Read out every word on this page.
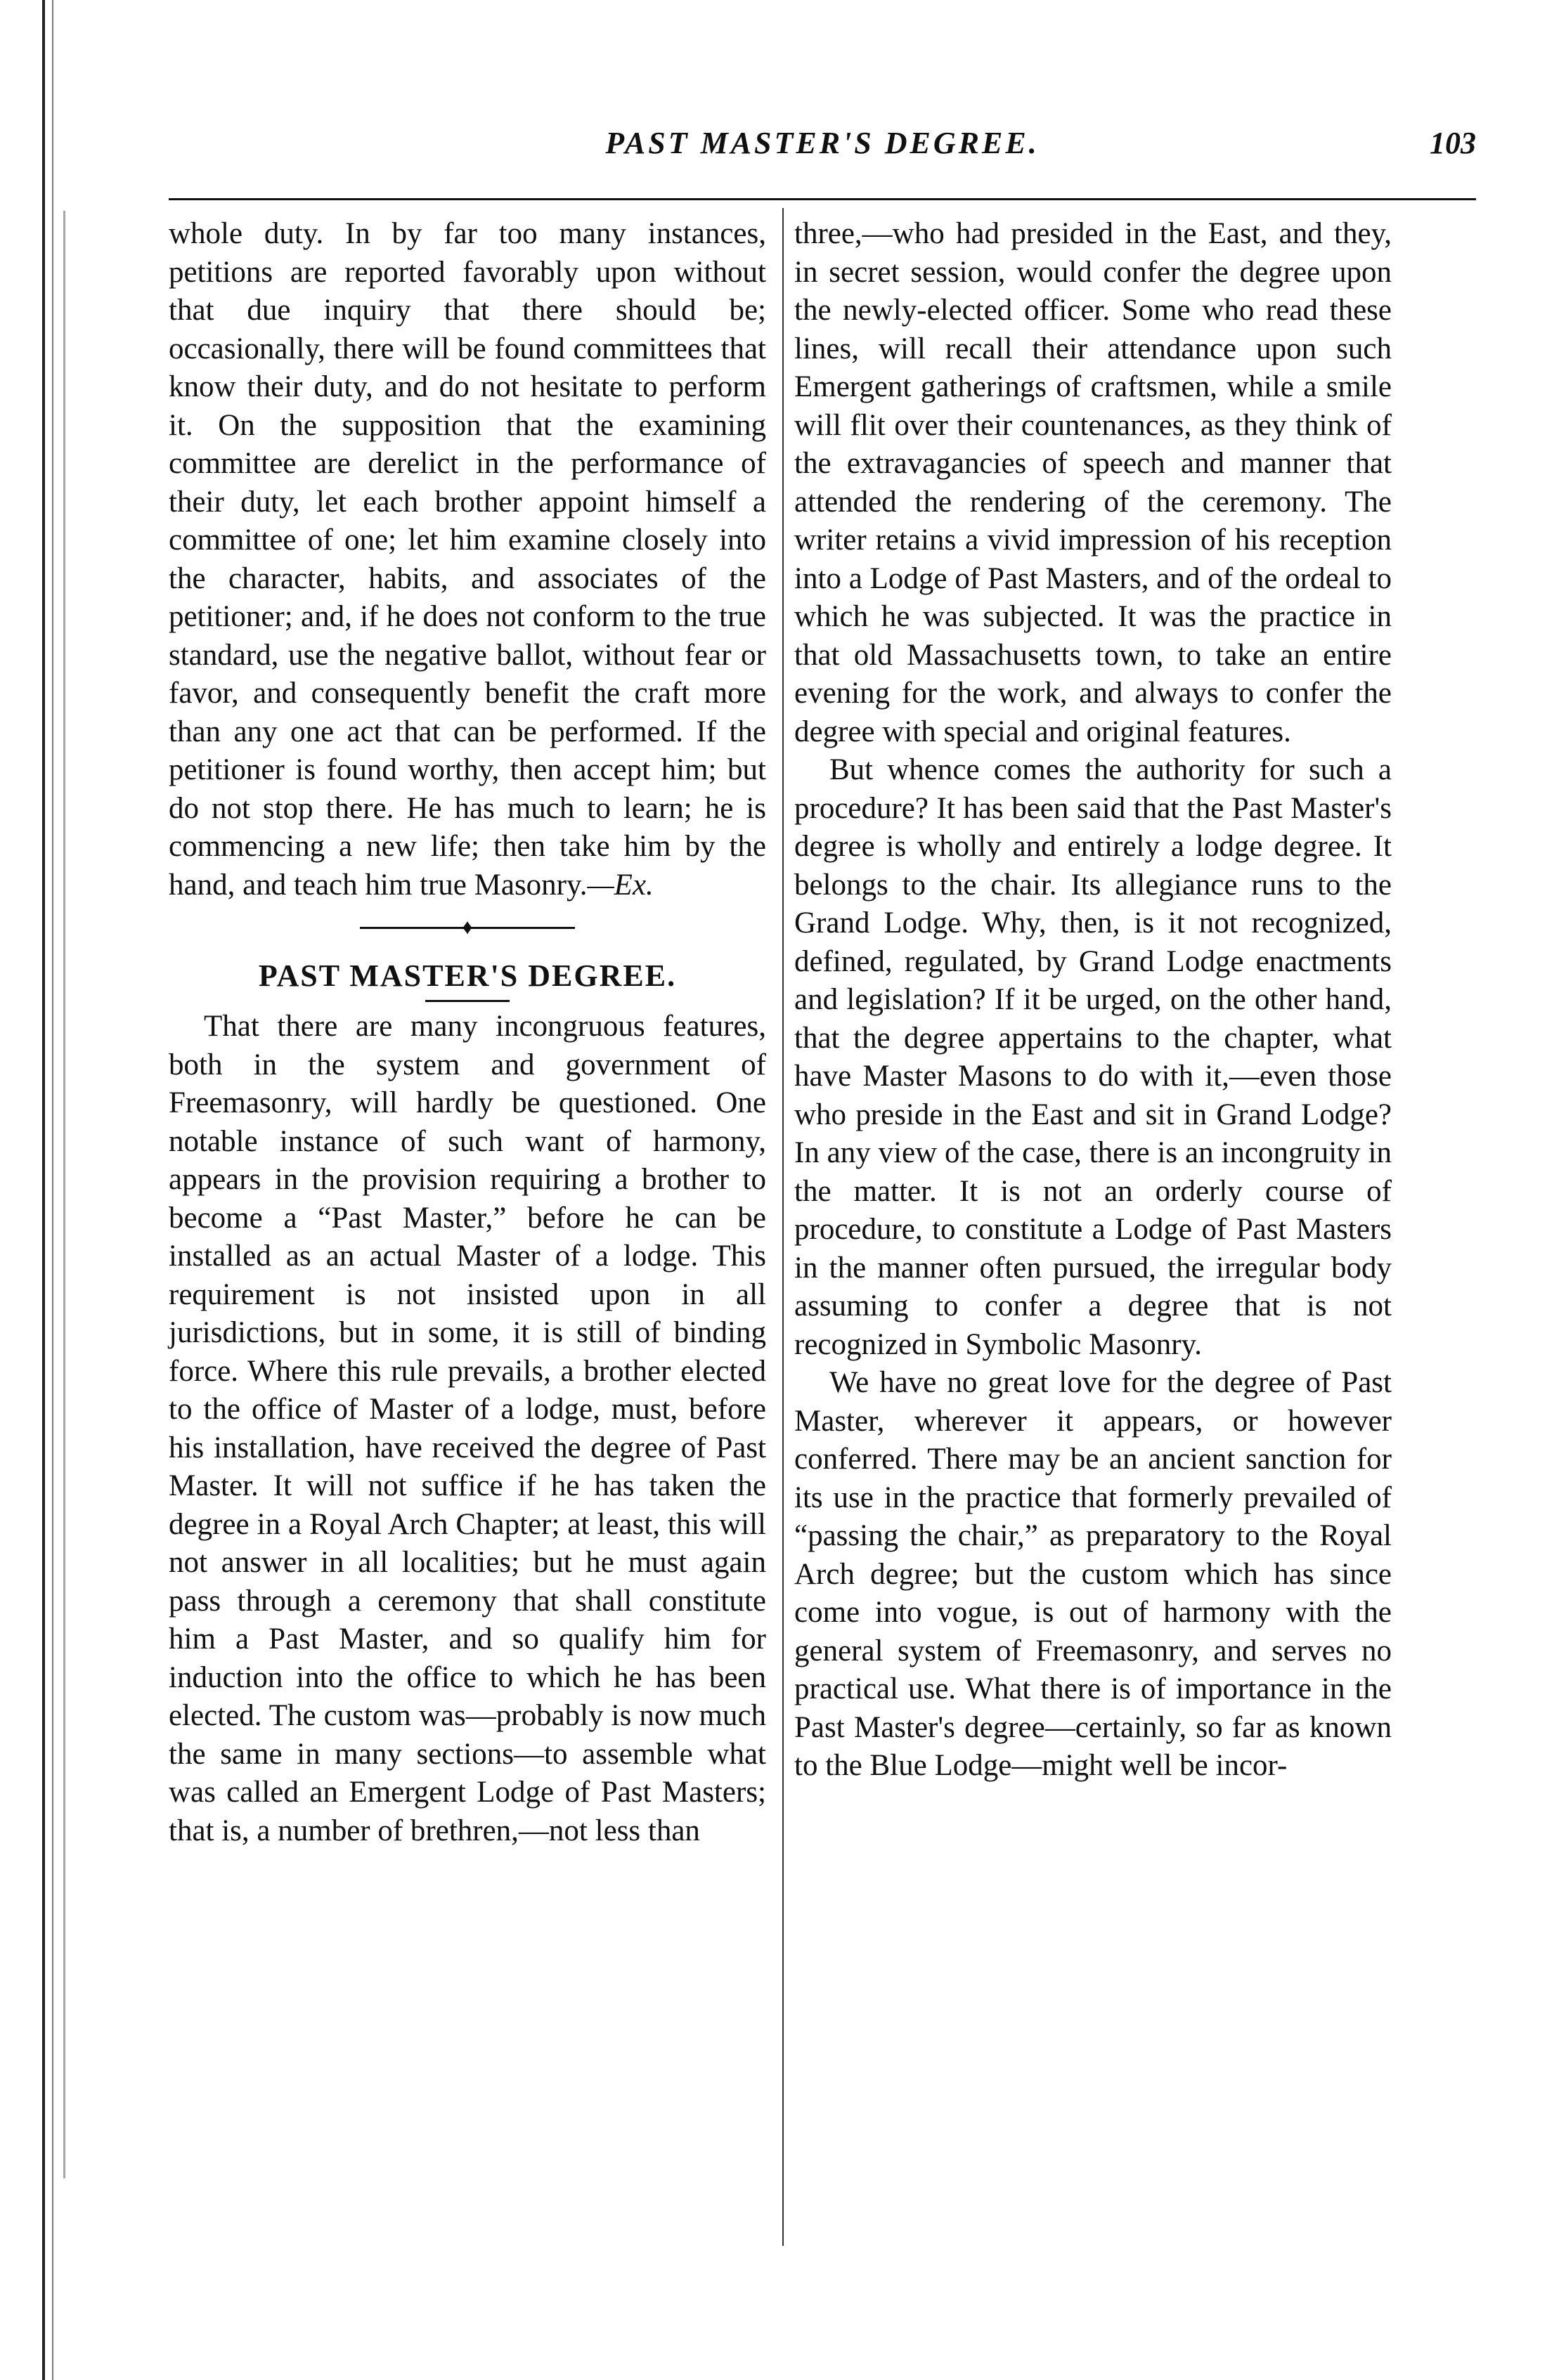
PAST MASTER'S DEGREE.	103

whole duty. In by far too many instances, petitions are reported favorably upon without that due inquiry that there should be; occasionally, there will be found committees that know their duty, and do not hesitate to perform it. On the supposition that the examining committee are derelict in the performance of their duty, let each brother appoint himself a committee of one; let him examine closely into the character, habits, and associates of the petitioner; and, if he does not conform to the true standard, use the negative ballot, without fear or favor, and consequently benefit the craft more than any one act that can be performed. If the petitioner is found worthy, then accept him; but do not stop there. He has much to learn; he is commencing a new life; then take him by the hand, and teach him true Masonry.—Ex.

♦

PAST MASTER'S DEGREE.

That there are many incongruous features, both in the system and government of Freemasonry, will hardly be questioned. One notable instance of such want of harmony, appears in the provision requiring a brother to become a “Past Master,” before he can be installed as an actual Master of a lodge. This requirement is not insisted upon in all jurisdictions, but in some, it is still of binding force. Where this rule prevails, a brother elected to the office of Master of a lodge, must, before his installation, have received the degree of Past Master. It will not suffice if he has taken the degree in a Royal Arch Chapter; at least, this will not answer in all localities; but he must again pass through a ceremony that shall constitute him a Past Master, and so qualify him for induction into the office to which he has been elected. The custom was—probably is now much the same in many sections—to assemble what was called an Emergent Lodge of Past Masters; that is, a number of brethren,—not less than

three,—who had presided in the East, and they, in secret session, would confer the degree upon the newly-elected officer. Some who read these lines, will recall their attendance upon such Emergent gatherings of craftsmen, while a smile will flit over their countenances, as they think of the extravagancies of speech and manner that attended the rendering of the ceremony. The writer retains a vivid impression of his reception into a Lodge of Past Masters, and of the ordeal to which he was subjected. It was the practice in that old Massachusetts town, to take an entire evening for the work, and always to confer the degree with special and original features.

But whence comes the authority for such a procedure? It has been said that the Past Master's degree is wholly and entirely a lodge degree. It belongs to the chair. Its allegiance runs to the Grand Lodge. Why, then, is it not recognized, defined, regulated, by Grand Lodge enactments and legislation? If it be urged, on the other hand, that the degree appertains to the chapter, what have Master Masons to do with it,—even those who preside in the East and sit in Grand Lodge? In any view of the case, there is an incongruity in the matter. It is not an orderly course of procedure, to constitute a Lodge of Past Masters in the manner often pursued, the irregular body assuming to confer a degree that is not recognized in Symbolic Masonry.

We have no great love for the degree of Past Master, wherever it appears, or however conferred. There may be an ancient sanction for its use in the practice that formerly prevailed of “passing the chair,” as preparatory to the Royal Arch degree; but the custom which has since come into vogue, is out of harmony with the general system of Freemasonry, and serves no practical use. What there is of importance in the Past Master's degree—certainly, so far as known to the Blue Lodge—might well be incor-
